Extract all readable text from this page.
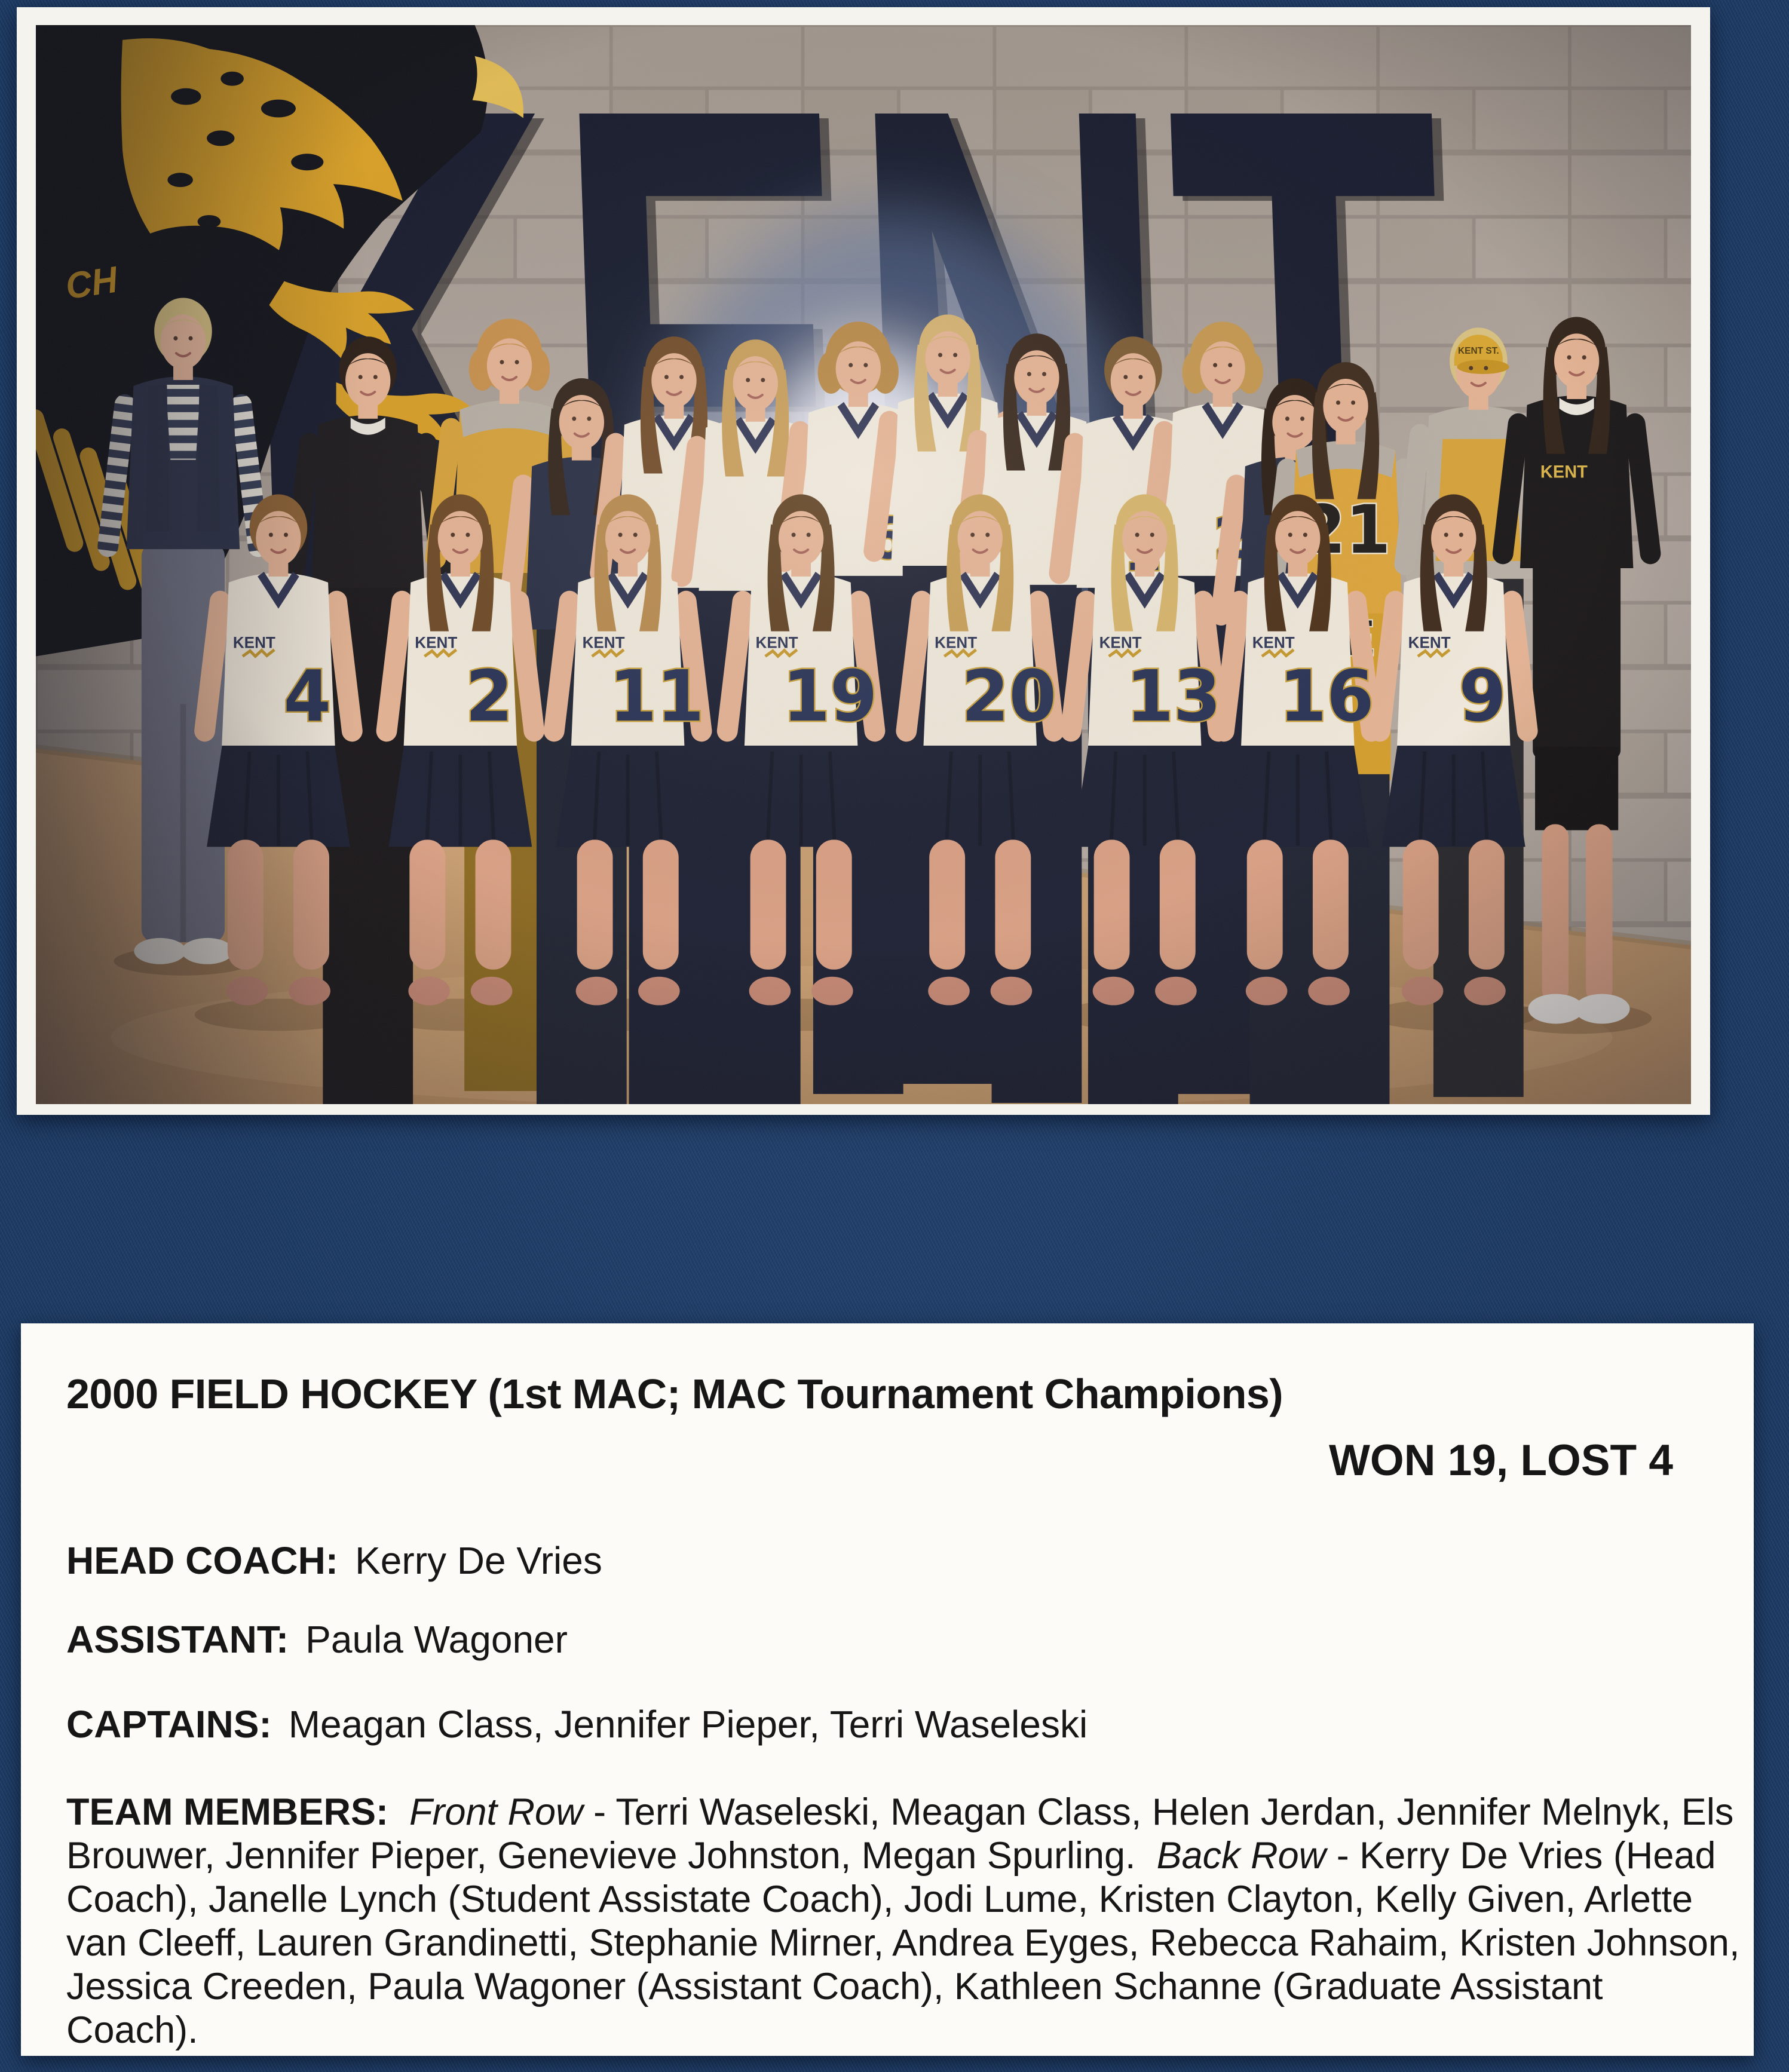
2000 FIELD HOCKEY (1st MAC; MAC Tournament Champions)
WON 19, LOST 4

HEAD COACH: Kerry De Vries

ASSISTANT: Paula Wagoner

CAPTAINS: Meagan Class, Jennifer Pieper, Terri Waseleski

TEAM MEMBERS:  Front Row - Terri Waseleski, Meagan Class, Helen Jerdan, Jennifer Melnyk, Els Brouwer, Jennifer Pieper, Genevieve Johnston, Megan Spurling.  Back Row - Kerry De Vries (Head Coach), Janelle Lynch (Student Assistate Coach), Jodi Lume, Kristen Clayton, Kelly Given, Arlette van Cleeff, Lauren Grandinetti, Stephanie Mirner, Andrea Eyges, Rebecca Rahaim, Kristen Johnson, Jessica Creeden, Paula Wagoner (Assistant Coach), Kathleen Schanne (Graduate Assistant Coach).
